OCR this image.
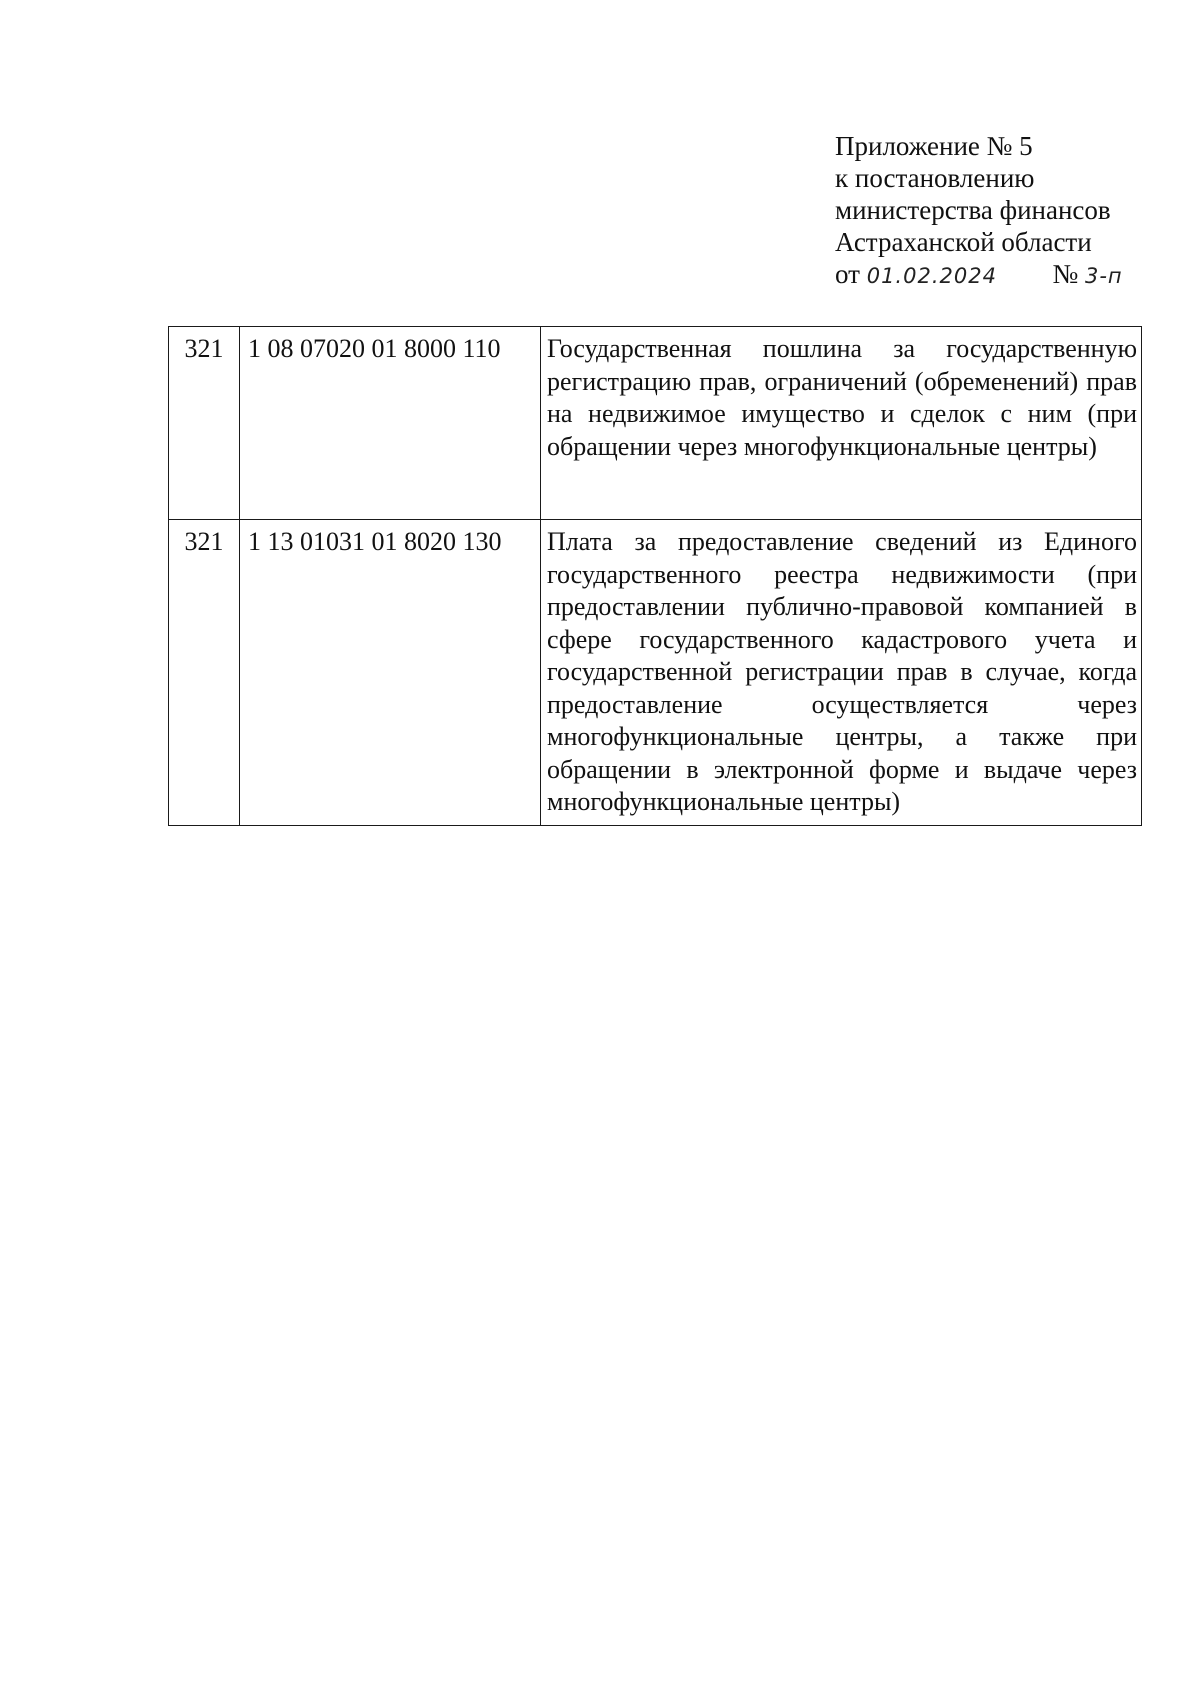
Приложение № 5
к постановлению
министерства финансов
Астраханской области
от 01.02.2024 № 3-п
321	1 08 07020 01 8000 110	Государственная пошлина за государственную регистрацию прав, ограничений (обременений) прав на недвижимое имущество и сделок с ним (при обращении через многофункциональные центры)
321	1 13 01031 01 8020 130	Плата за предоставление сведений из Единого государственного реестра недвижимости (при предоставлении публично-правовой компанией в сфере государственного кадастрового учета и государственной регистрации прав в случае, когда предоставление осуществляется через многофункциональные центры, а также при обращении в электронной форме и выдаче через многофункциональные центры)
